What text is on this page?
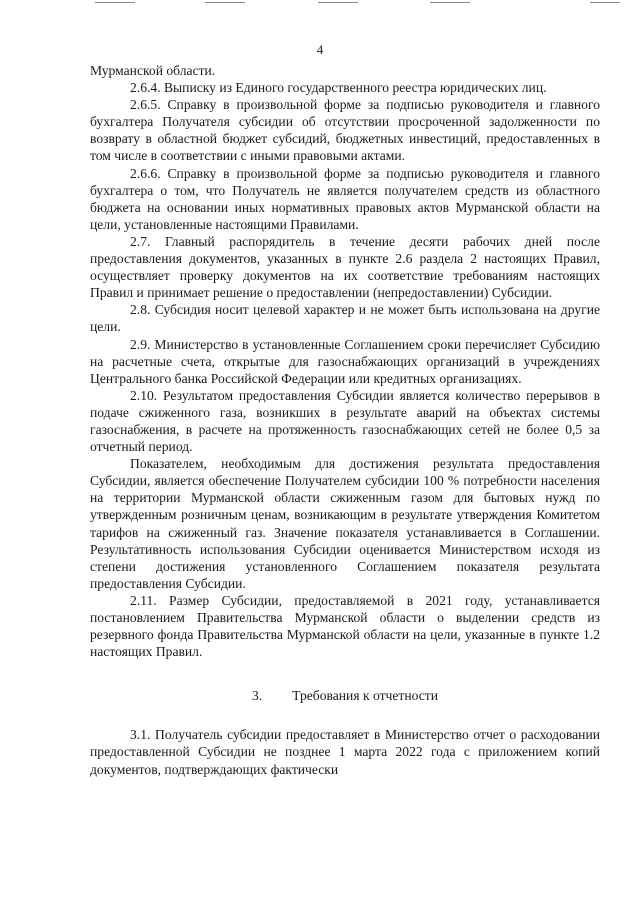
4

Мурманской области.

2.6.4. Выписку из Единого государственного реестра юридических лиц.

2.6.5. Справку в произвольной форме за подписью руководителя и главного бухгалтера Получателя субсидии об отсутствии просроченной задолженности по возврату в областной бюджет субсидий, бюджетных инвестиций, предоставленных в том числе в соответствии с иными правовыми актами.

2.6.6. Справку в произвольной форме за подписью руководителя и главного бухгалтера о том, что Получатель не является получателем средств из областного бюджета на основании иных нормативных правовых актов Мурманской области на цели, установленные настоящими Правилами.

2.7. Главный распорядитель в течение десяти рабочих дней после предоставления документов, указанных в пункте 2.6 раздела 2 настоящих Правил, осуществляет проверку документов на их соответствие требованиям настоящих Правил и принимает решение о предоставлении (непредоставлении) Субсидии.

2.8. Субсидия носит целевой характер и не может быть использована на другие цели.

2.9. Министерство в установленные Соглашением сроки перечисляет Субсидию на расчетные счета, открытые для газоснабжающих организаций в учреждениях Центрального банка Российской Федерации или кредитных организациях.

2.10. Результатом предоставления Субсидии является количество перерывов в подаче сжиженного газа, возникших в результате аварий на объектах системы газоснабжения, в расчете на протяженность газоснабжающих сетей не более 0,5 за отчетный период.

Показателем, необходимым для достижения результата предоставления Субсидии, является обеспечение Получателем субсидии 100 % потребности населения на территории Мурманской области сжиженным газом для бытовых нужд по утвержденным розничным ценам, возникающим в результате утверждения Комитетом тарифов на сжиженный газ. Значение показателя устанавливается в Соглашении. Результативность использования Субсидии оценивается Министерством исходя из степени достижения установленного Соглашением показателя результата предоставления Субсидии.

2.11. Размер Субсидии, предоставляемой в 2021 году, устанавливается постановлением Правительства Мурманской области о выделении средств из резервного фонда Правительства Мурманской области на цели, указанные в пункте 1.2 настоящих Правил.

3. Требования к отчетности

3.1. Получатель субсидии предоставляет в Министерство отчет о расходовании предоставленной Субсидии не позднее 1 марта 2022 года с приложением копий документов, подтверждающих фактически
